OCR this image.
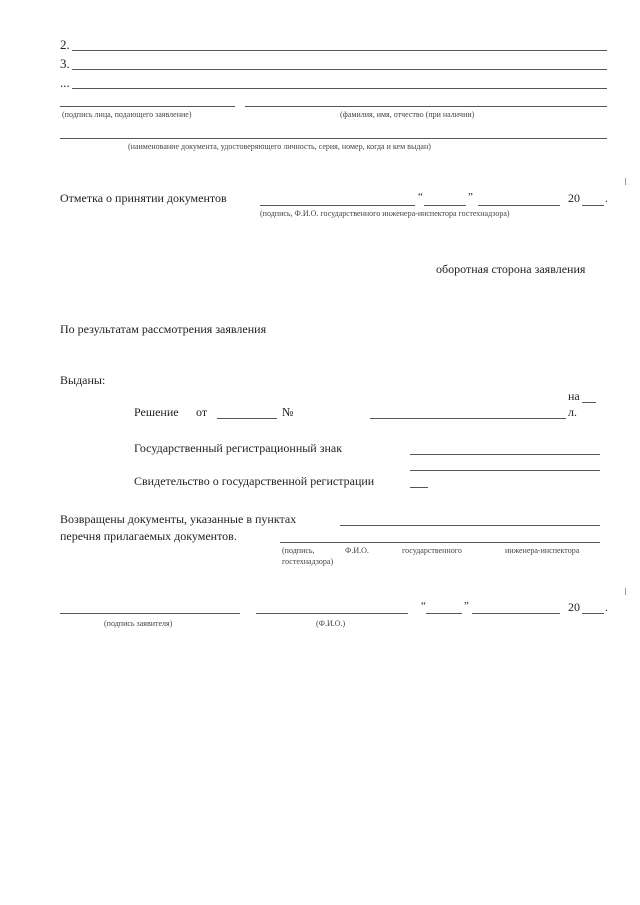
2.
3.
...
(подпись лица, подающего заявление)	(фамилия, имя, отчество (при наличии)
(наименование документа, удостоверяющего личность, серия, номер, когда и кем выдан)
Отметка о принятии документов	“	”	20 .
(подпись, Ф.И.О. государственного инженера-инспектора гостехнадзора)
оборотная сторона заявления
По результатам рассмотрения заявления
Выданы:
на
Решение от	№	л.
Государственный регистрационный знак
Свидетельство о государственной регистрации
Возвращены документы, указанные в пунктах
перечня прилагаемых документов.
(подпись,	Ф.И.О.	государственного	инженера-инспектора
гостехнадзора)
“	”	20 .
(подпись заявителя)	(Ф.И.О.)
